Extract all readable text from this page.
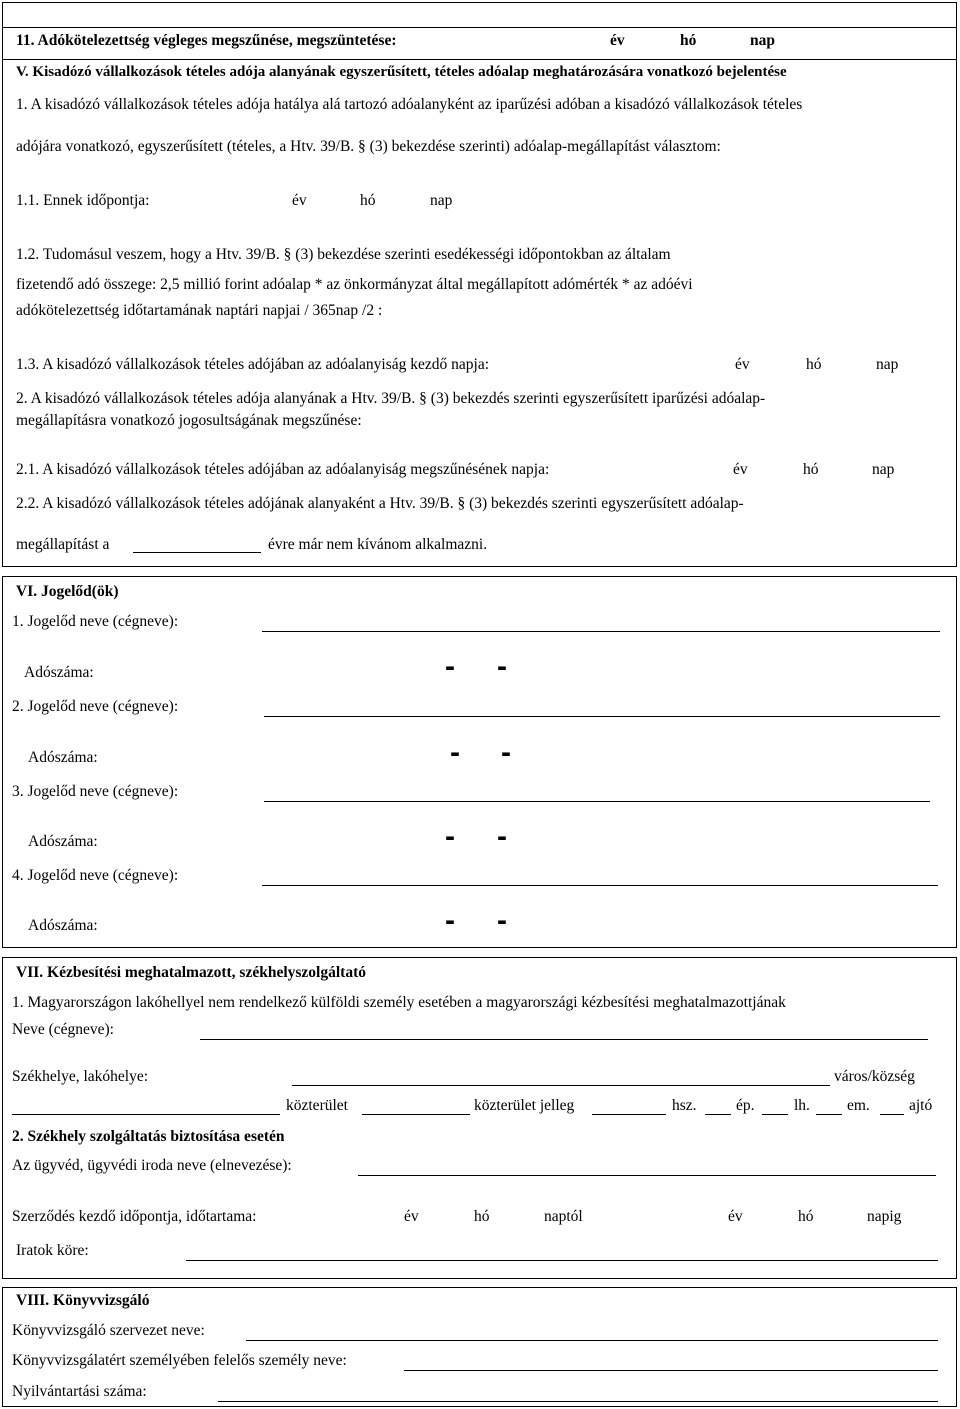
11. Adókötelezettség végleges megszűnése, megszüntetése:	év	hó	nap
V. Kisadózó vállalkozások tételes adója alanyának egyszerűsített, tételes adóalap meghatározására vonatkozó bejelentése
1. A kisadózó vállalkozások tételes adója hatálya alá tartozó adóalanyként az iparűzési adóban a kisadózó vállalkozások tételes
adójára vonatkozó, egyszerűsített (tételes, a Htv. 39/B. § (3) bekezdése szerinti) adóalap-megállapítást választom:
1.1. Ennek időpontja:	év	hó	nap
1.2. Tudomásul veszem, hogy a Htv. 39/B. § (3) bekezdése szerinti esedékességi időpontokban az általam
fizetendő adó összege: 2,5 millió forint adóalap * az önkormányzat által megállapított adómérték * az adóévi
adókötelezettség időtartamának naptári napjai / 365nap /2 :
1.3. A kisadózó vállalkozások tételes adójában az adóalanyiság kezdő napja:	év	hó	nap
2. A kisadózó vállalkozások tételes adója alanyának a Htv. 39/B. § (3) bekezdés szerinti egyszerűsített iparűzési adóalap-
megállapításra vonatkozó jogosultságának megszűnése:
2.1. A kisadózó vállalkozások tételes adójában az adóalanyiság megszűnésének napja:	év	hó	nap
2.2. A kisadózó vállalkozások tételes adójának alanyaként a Htv. 39/B. § (3) bekezdés szerinti egyszerűsített adóalap-
megállapítást a	évre már nem kívánom alkalmazni.
VI. Jogelőd(ök)
1. Jogelőd neve (cégneve):
Adószáma:	- -
2. Jogelőd neve (cégneve):
Adószáma:	- -
3. Jogelőd neve (cégneve):
Adószáma:	- -
4. Jogelőd neve (cégneve):
Adószáma:	- -
VII. Kézbesítési meghatalmazott, székhelyszolgáltató
1. Magyarországon lakóhellyel nem rendelkező külföldi személy esetében a magyarországi kézbesítési meghatalmazottjának
Neve (cégneve):
Székhelye, lakóhelye:	város/község
közterület	közterület jelleg	hsz.	ép.	lh. em.	ajtó
2. Székhely szolgáltatás biztosítása esetén
Az ügyvéd, ügyvédi iroda neve (elnevezése):
Szerződés kezdő időpontja, időtartama:	év	hó	naptól	év	hó	napig
Iratok köre:
VIII. Könyvvizsgáló
Könyvvizsgáló szervezet neve:
Könyvvizsgálatért személyében felelős személy neve:
Nyilvántartási száma:
